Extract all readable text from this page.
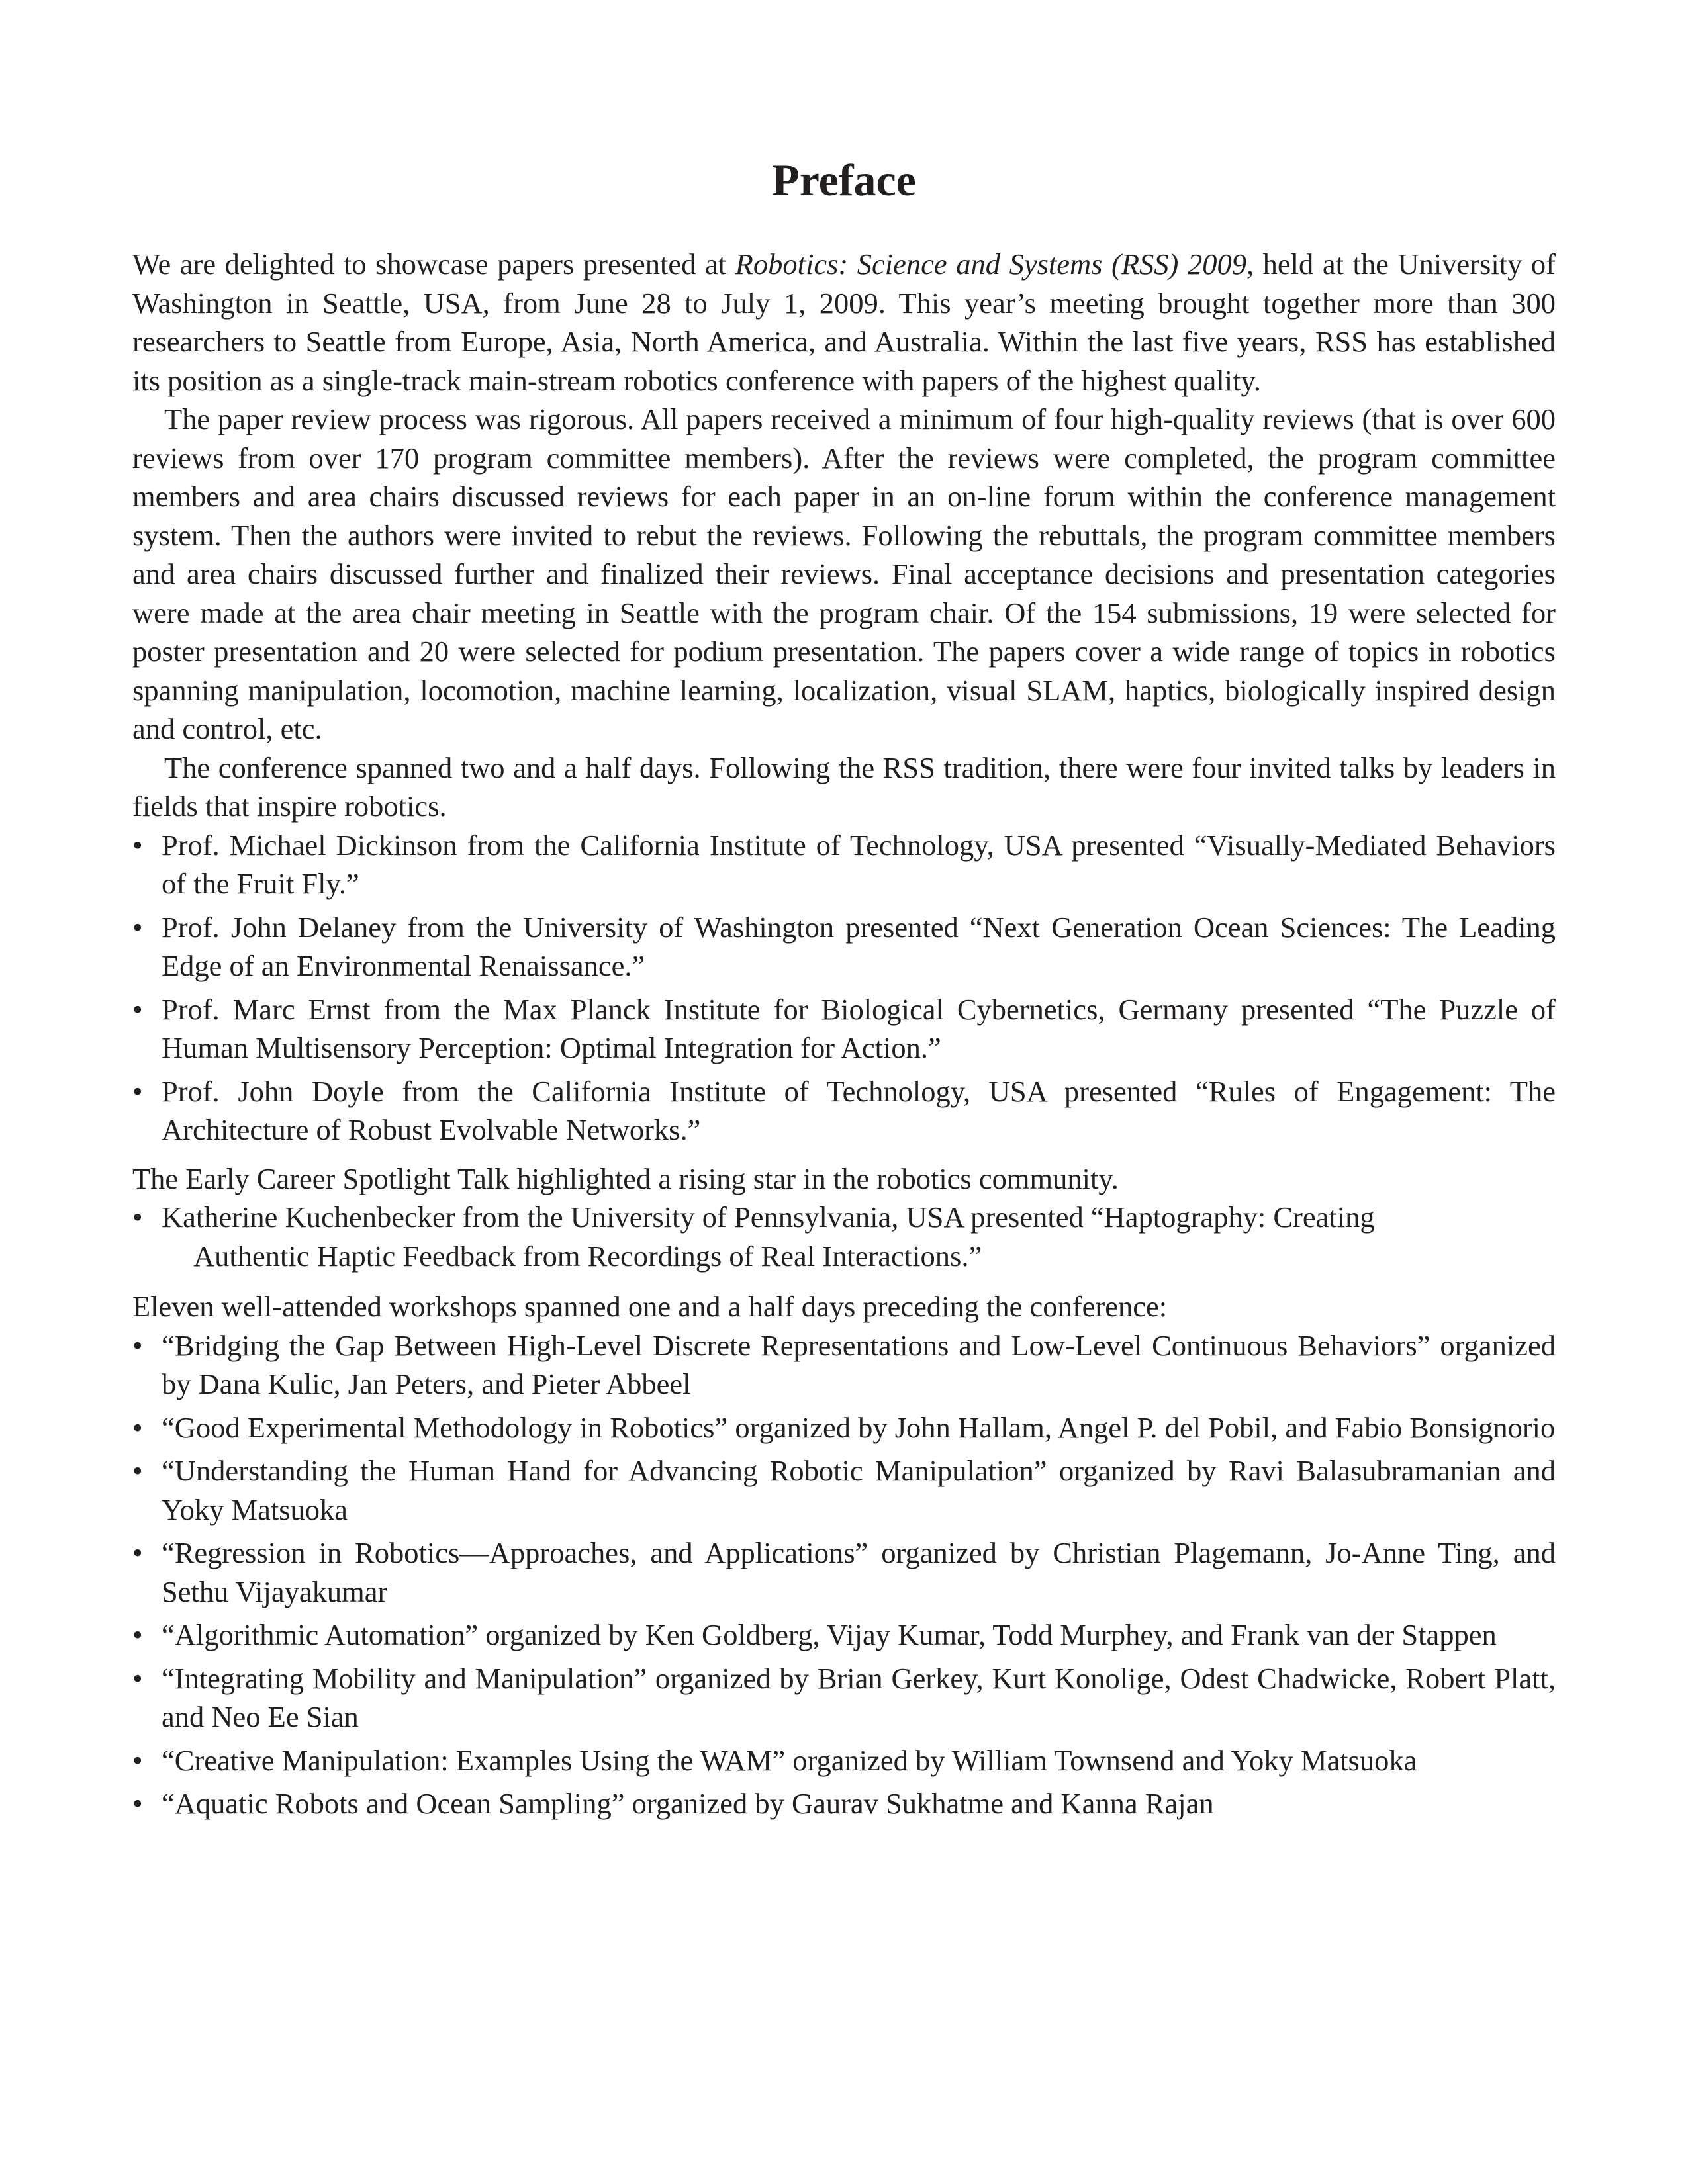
Preface

We are delighted to showcase papers presented at Robotics: Science and Systems (RSS) 2009, held at the University of Washington in Seattle, USA, from June 28 to July 1, 2009. This year’s meeting brought together more than 300 researchers to Seattle from Europe, Asia, North America, and Australia. Within the last five years, RSS has established its position as a single-track main-stream robotics conference with papers of the highest quality.

The paper review process was rigorous. All papers received a minimum of four high-quality reviews (that is over 600 reviews from over 170 program committee members). After the reviews were completed, the program committee members and area chairs discussed reviews for each paper in an on-line forum within the conference management system. Then the authors were invited to rebut the reviews. Following the rebuttals, the program committee members and area chairs discussed further and finalized their reviews. Final acceptance decisions and presentation categories were made at the area chair meeting in Seattle with the program chair. Of the 154 submissions, 19 were selected for poster presentation and 20 were selected for podium presentation. The papers cover a wide range of topics in robotics spanning manipulation, locomotion, machine learning, localization, visual SLAM, haptics, biologically inspired design and control, etc.

The conference spanned two and a half days. Following the RSS tradition, there were four invited talks by leaders in fields that inspire robotics.

• Prof. Michael Dickinson from the California Institute of Technology, USA presented “Visually-Mediated Behaviors of the Fruit Fly.”
• Prof. John Delaney from the University of Washington presented “Next Generation Ocean Sciences: The Leading Edge of an Environmental Renaissance.”
• Prof. Marc Ernst from the Max Planck Institute for Biological Cybernetics, Germany presented “The Puzzle of Human Multisensory Perception: Optimal Integration for Action.”
• Prof. John Doyle from the California Institute of Technology, USA presented “Rules of Engagement: The Architecture of Robust Evolvable Networks.”

The Early Career Spotlight Talk highlighted a rising star in the robotics community.

• Katherine Kuchenbecker from the University of Pennsylvania, USA presented “Haptography: Creating
Authentic Haptic Feedback from Recordings of Real Interactions.”

Eleven well-attended workshops spanned one and a half days preceding the conference:

• “Bridging the Gap Between High-Level Discrete Representations and Low-Level Continuous Behaviors” organized by Dana Kulic, Jan Peters, and Pieter Abbeel
• “Good Experimental Methodology in Robotics” organized by John Hallam, Angel P. del Pobil, and Fabio Bonsignorio
• “Understanding the Human Hand for Advancing Robotic Manipulation” organized by Ravi Balasubramanian and Yoky Matsuoka
• “Regression in Robotics—Approaches, and Applications” organized by Christian Plagemann, Jo-Anne Ting, and Sethu Vijayakumar
• “Algorithmic Automation” organized by Ken Goldberg, Vijay Kumar, Todd Murphey, and Frank van der Stappen
• “Integrating Mobility and Manipulation” organized by Brian Gerkey, Kurt Konolige, Odest Chadwicke, Robert Platt, and Neo Ee Sian
• “Creative Manipulation: Examples Using the WAM” organized by William Townsend and Yoky Matsuoka
• “Aquatic Robots and Ocean Sampling” organized by Gaurav Sukhatme and Kanna Rajan
